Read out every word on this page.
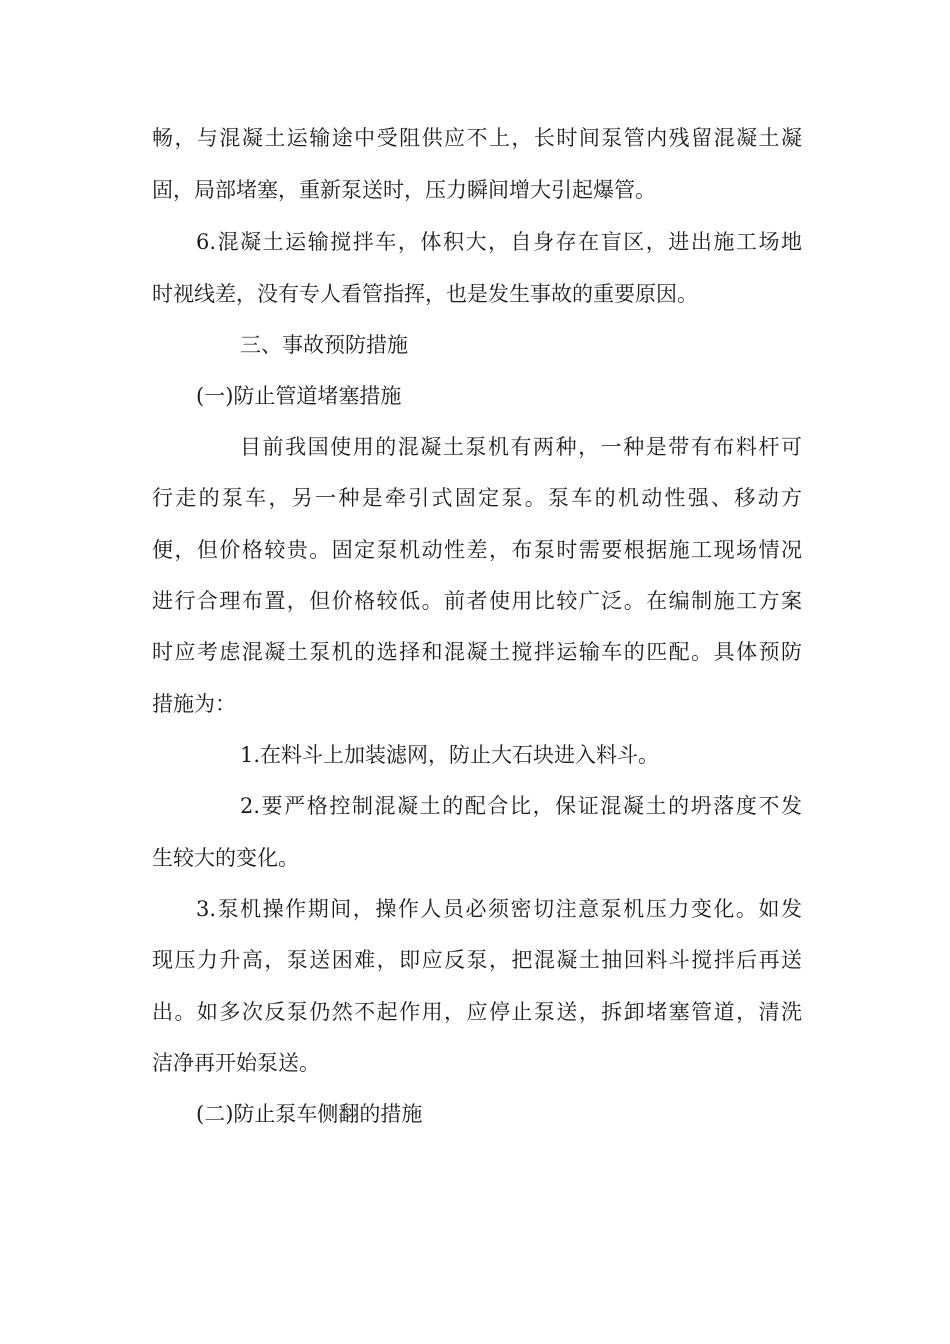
畅，与混凝土运输途中受阻供应不上，长时间泵管内残留混凝土凝
固，局部堵塞，重新泵送时，压力瞬间增大引起爆管。
6.混凝土运输搅拌车，体积大，自身存在盲区，进出施工场地
时视线差，没有专人看管指挥，也是发生事故的重要原因。
三、事故预防措施
(一)防止管道堵塞措施
目前我国使用的混凝土泵机有两种，一种是带有布料杆可
行走的泵车，另一种是牵引式固定泵。泵车的机动性强、移动方
便，但价格较贵。固定泵机动性差，布泵时需要根据施工现场情况
进行合理布置，但价格较低。前者使用比较广泛。在编制施工方案
时应考虑混凝土泵机的选择和混凝土搅拌运输车的匹配。具体预防
措施为：
1.在料斗上加装滤网，防止大石块进入料斗。
2.要严格控制混凝土的配合比，保证混凝土的坍落度不发
生较大的变化。
3.泵机操作期间，操作人员必须密切注意泵机压力变化。如发
现压力升高，泵送困难，即应反泵，把混凝土抽回料斗搅拌后再送
出。如多次反泵仍然不起作用，应停止泵送，拆卸堵塞管道，清洗
洁净再开始泵送。
(二)防止泵车侧翻的措施
